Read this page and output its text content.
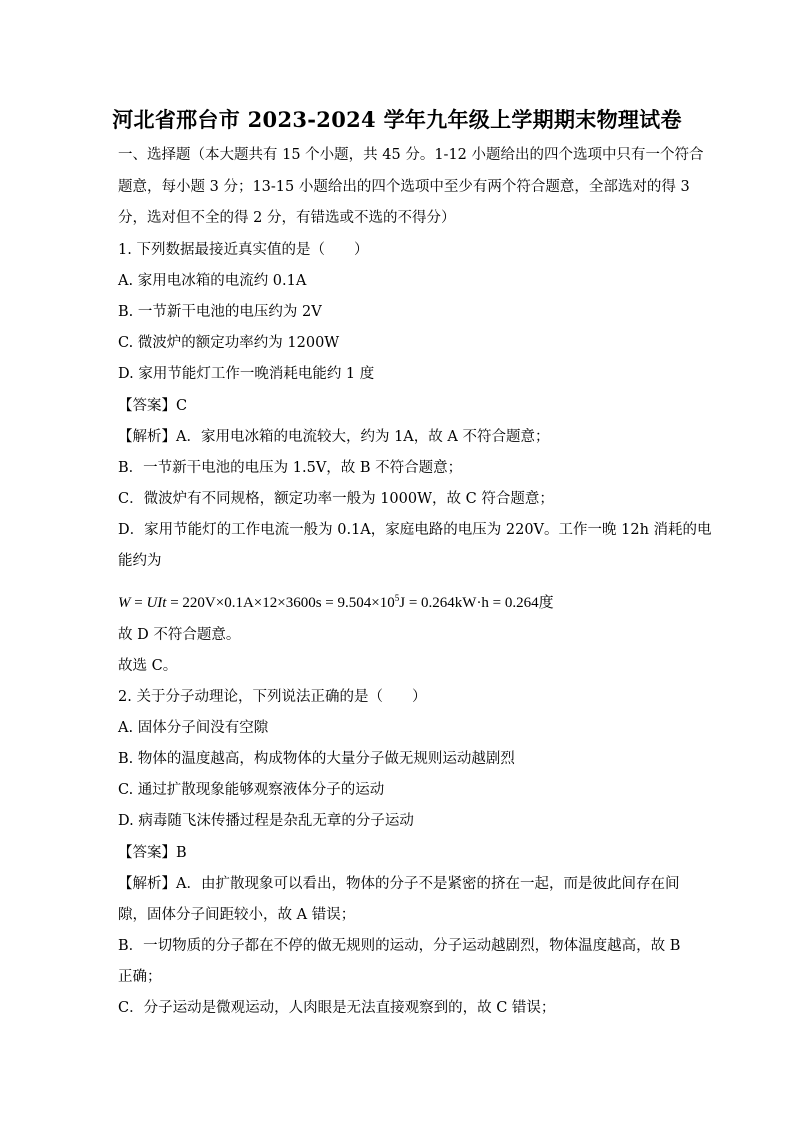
河北省邢台市 2023-2024 学年九年级上学期期末物理试卷
一、选择题（本大题共有 15 个小题，共 45 分。1-12 小题给出的四个选项中只有一个符合
题意，每小题 3 分；13-15 小题给出的四个选项中至少有两个符合题意，全部选对的得 3
分，选对但不全的得 2 分，有错选或不选的不得分）
1. 下列数据最接近真实值的是（　　）
A. 家用电冰箱的电流约 0.1A
B. 一节新干电池的电压约为 2V
C. 微波炉的额定功率约为 1200W
D. 家用节能灯工作一晚消耗电能约 1 度
【答案】C
【解析】A．家用电冰箱的电流较大，约为 1A，故 A 不符合题意；
B．一节新干电池的电压为 1.5V，故 B 不符合题意；
C．微波炉有不同规格，额定功率一般为 1000W，故 C 符合题意；
D．家用节能灯的工作电流一般为 0.1A，家庭电路的电压为 220V。工作一晚 12h 消耗的电
能约为
W = UIt = $220V\times 0.1A\times 12\times 3600s = 9.504\times 10^5J = 0.264kW\cdot h = 0.264$度
故 D 不符合题意。
故选 C。
2. 关于分子动理论，下列说法正确的是（　　）
A. 固体分子间没有空隙
B. 物体的温度越高，构成物体的大量分子做无规则运动越剧烈
C. 通过扩散现象能够观察液体分子的运动
D. 病毒随飞沫传播过程是杂乱无章的分子运动
【答案】B
【解析】A．由扩散现象可以看出，物体的分子不是紧密的挤在一起，而是彼此间存在间
隙，固体分子间距较小，故 A 错误；
B．一切物质的分子都在不停的做无规则的运动，分子运动越剧烈，物体温度越高，故 B
正确；
C．分子运动是微观运动，人肉眼是无法直接观察到的，故 C 错误；
